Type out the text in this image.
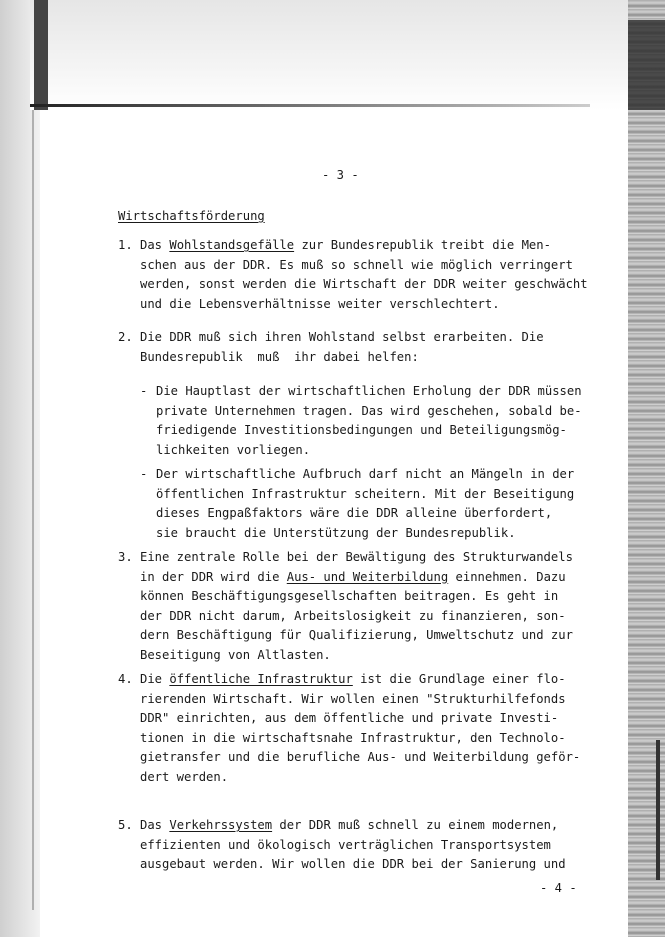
- 3 -
Wirtschaftsförderung
1. Das Wohlstandsgefälle zur Bundesrepublik treibt die Men-
schen aus der DDR. Es muß so schnell wie möglich verringert
werden, sonst werden die Wirtschaft der DDR weiter geschwächt
und die Lebensverhältnisse weiter verschlechtert.
2. Die DDR muß sich ihren Wohlstand selbst erarbeiten. Die
Bundesrepublik  muß  ihr dabei helfen:
- Die Hauptlast der wirtschaftlichen Erholung der DDR müssen
private Unternehmen tragen. Das wird geschehen, sobald be-
friedigende Investitionsbedingungen und Beteiligungsmög-
lichkeiten vorliegen.
- Der wirtschaftliche Aufbruch darf nicht an Mängeln in der
öffentlichen Infrastruktur scheitern. Mit der Beseitigung
dieses Engpaßfaktors wäre die DDR alleine überfordert,
sie braucht die Unterstützung der Bundesrepublik.
3. Eine zentrale Rolle bei der Bewältigung des Strukturwandels
in der DDR wird die Aus- und Weiterbildung einnehmen. Dazu
können Beschäftigungsgesellschaften beitragen. Es geht in
der DDR nicht darum, Arbeitslosigkeit zu finanzieren, son-
dern Beschäftigung für Qualifizierung, Umweltschutz und zur
Beseitigung von Altlasten.
4. Die öffentliche Infrastruktur ist die Grundlage einer flo-
rierenden Wirtschaft. Wir wollen einen "Strukturhilfefonds
DDR" einrichten, aus dem öffentliche und private Investi-
tionen in die wirtschaftsnahe Infrastruktur, den Technolo-
gietransfer und die berufliche Aus- und Weiterbildung geför-
dert werden.
5. Das Verkehrssystem der DDR muß schnell zu einem modernen,
effizienten und ökologisch verträglichen Transportsystem
ausgebaut werden. Wir wollen die DDR bei der Sanierung und
- 4 -
